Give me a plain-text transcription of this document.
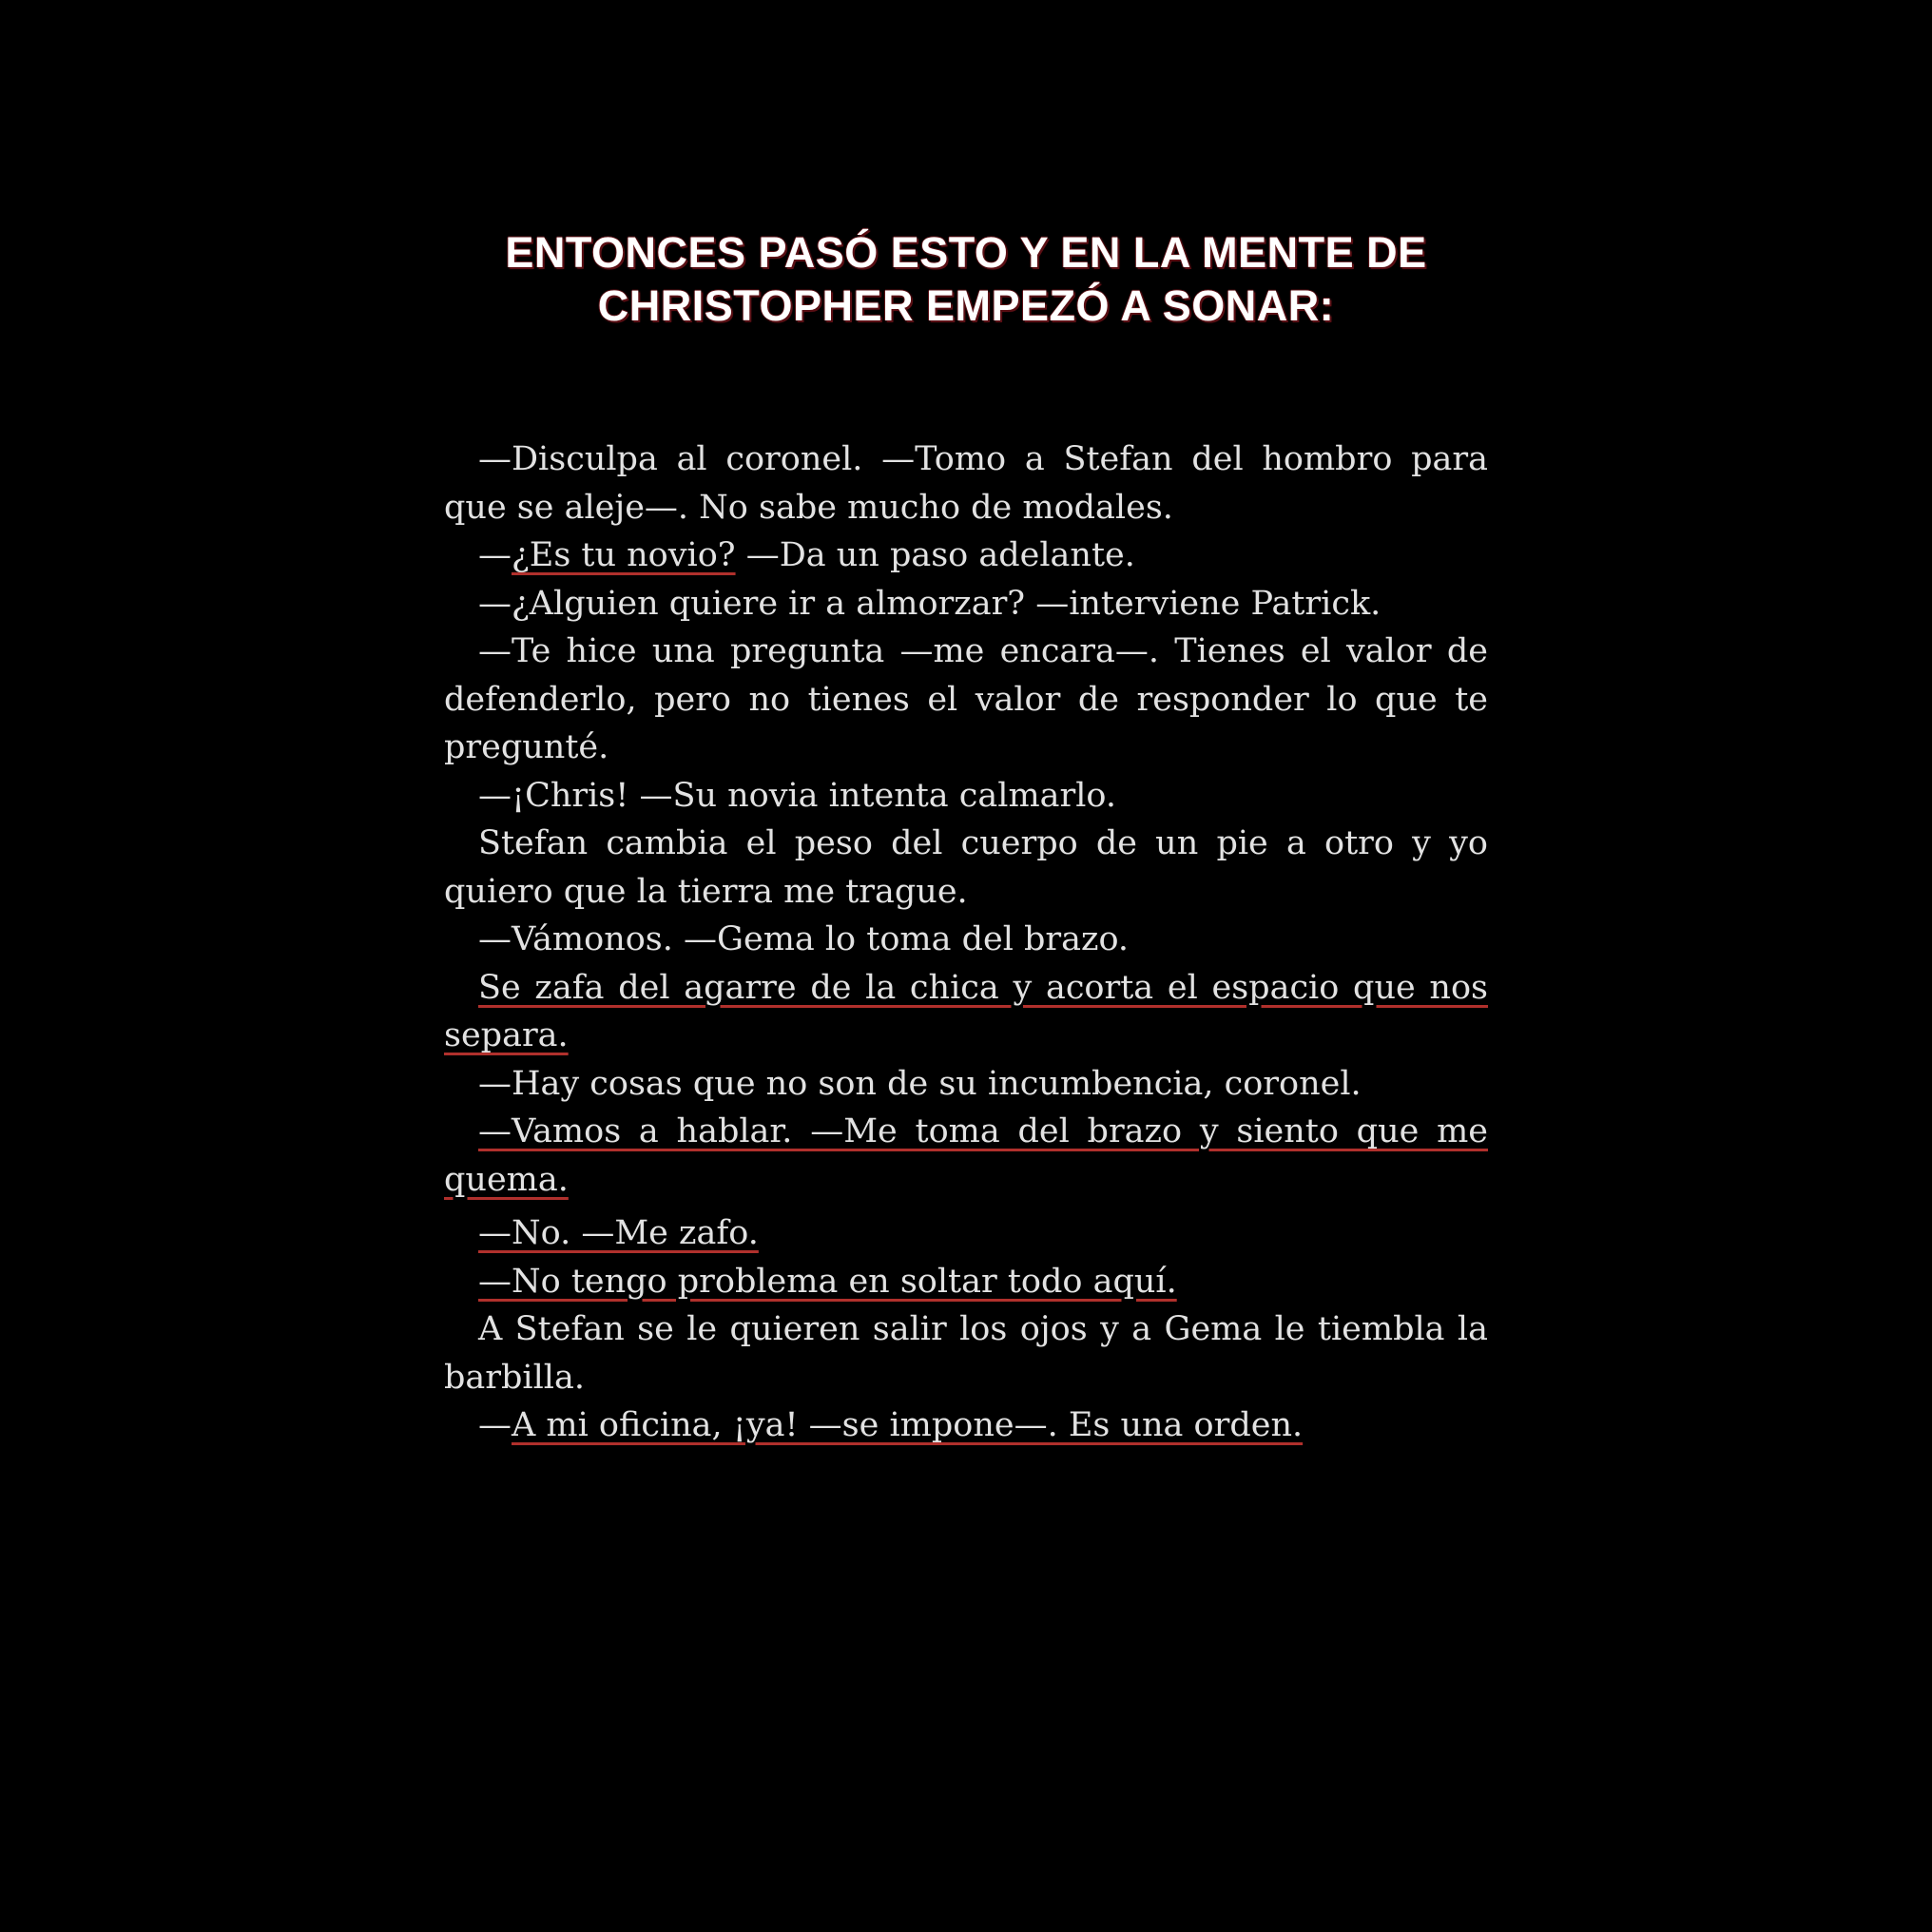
ENTONCES PASÓ ESTO Y EN LA MENTE DE
CHRISTOPHER EMPEZÓ A SONAR:

—Disculpa al coronel. —Tomo a Stefan del hombro para que se aleje—. No sabe mucho de modales.

—¿Es tu novio? —Da un paso adelante.

—¿Alguien quiere ir a almorzar? —interviene Patrick.

—Te hice una pregunta —me encara—. Tienes el valor de defenderlo, pero no tienes el valor de responder lo que te pregunté.

—¡Chris! —Su novia intenta calmarlo.

Stefan cambia el peso del cuerpo de un pie a otro y yo quiero que la tierra me trague.

—Vámonos. —Gema lo toma del brazo.

Se zafa del agarre de la chica y acorta el espacio que nos separa.

—Hay cosas que no son de su incumbencia, coronel.

—Vamos a hablar. —Me toma del brazo y siento que me quema.

—No. —Me zafo.

—No tengo problema en soltar todo aquí.

A Stefan se le quieren salir los ojos y a Gema le tiembla la barbilla.

—A mi oficina, ¡ya! —se impone—. Es una orden.
